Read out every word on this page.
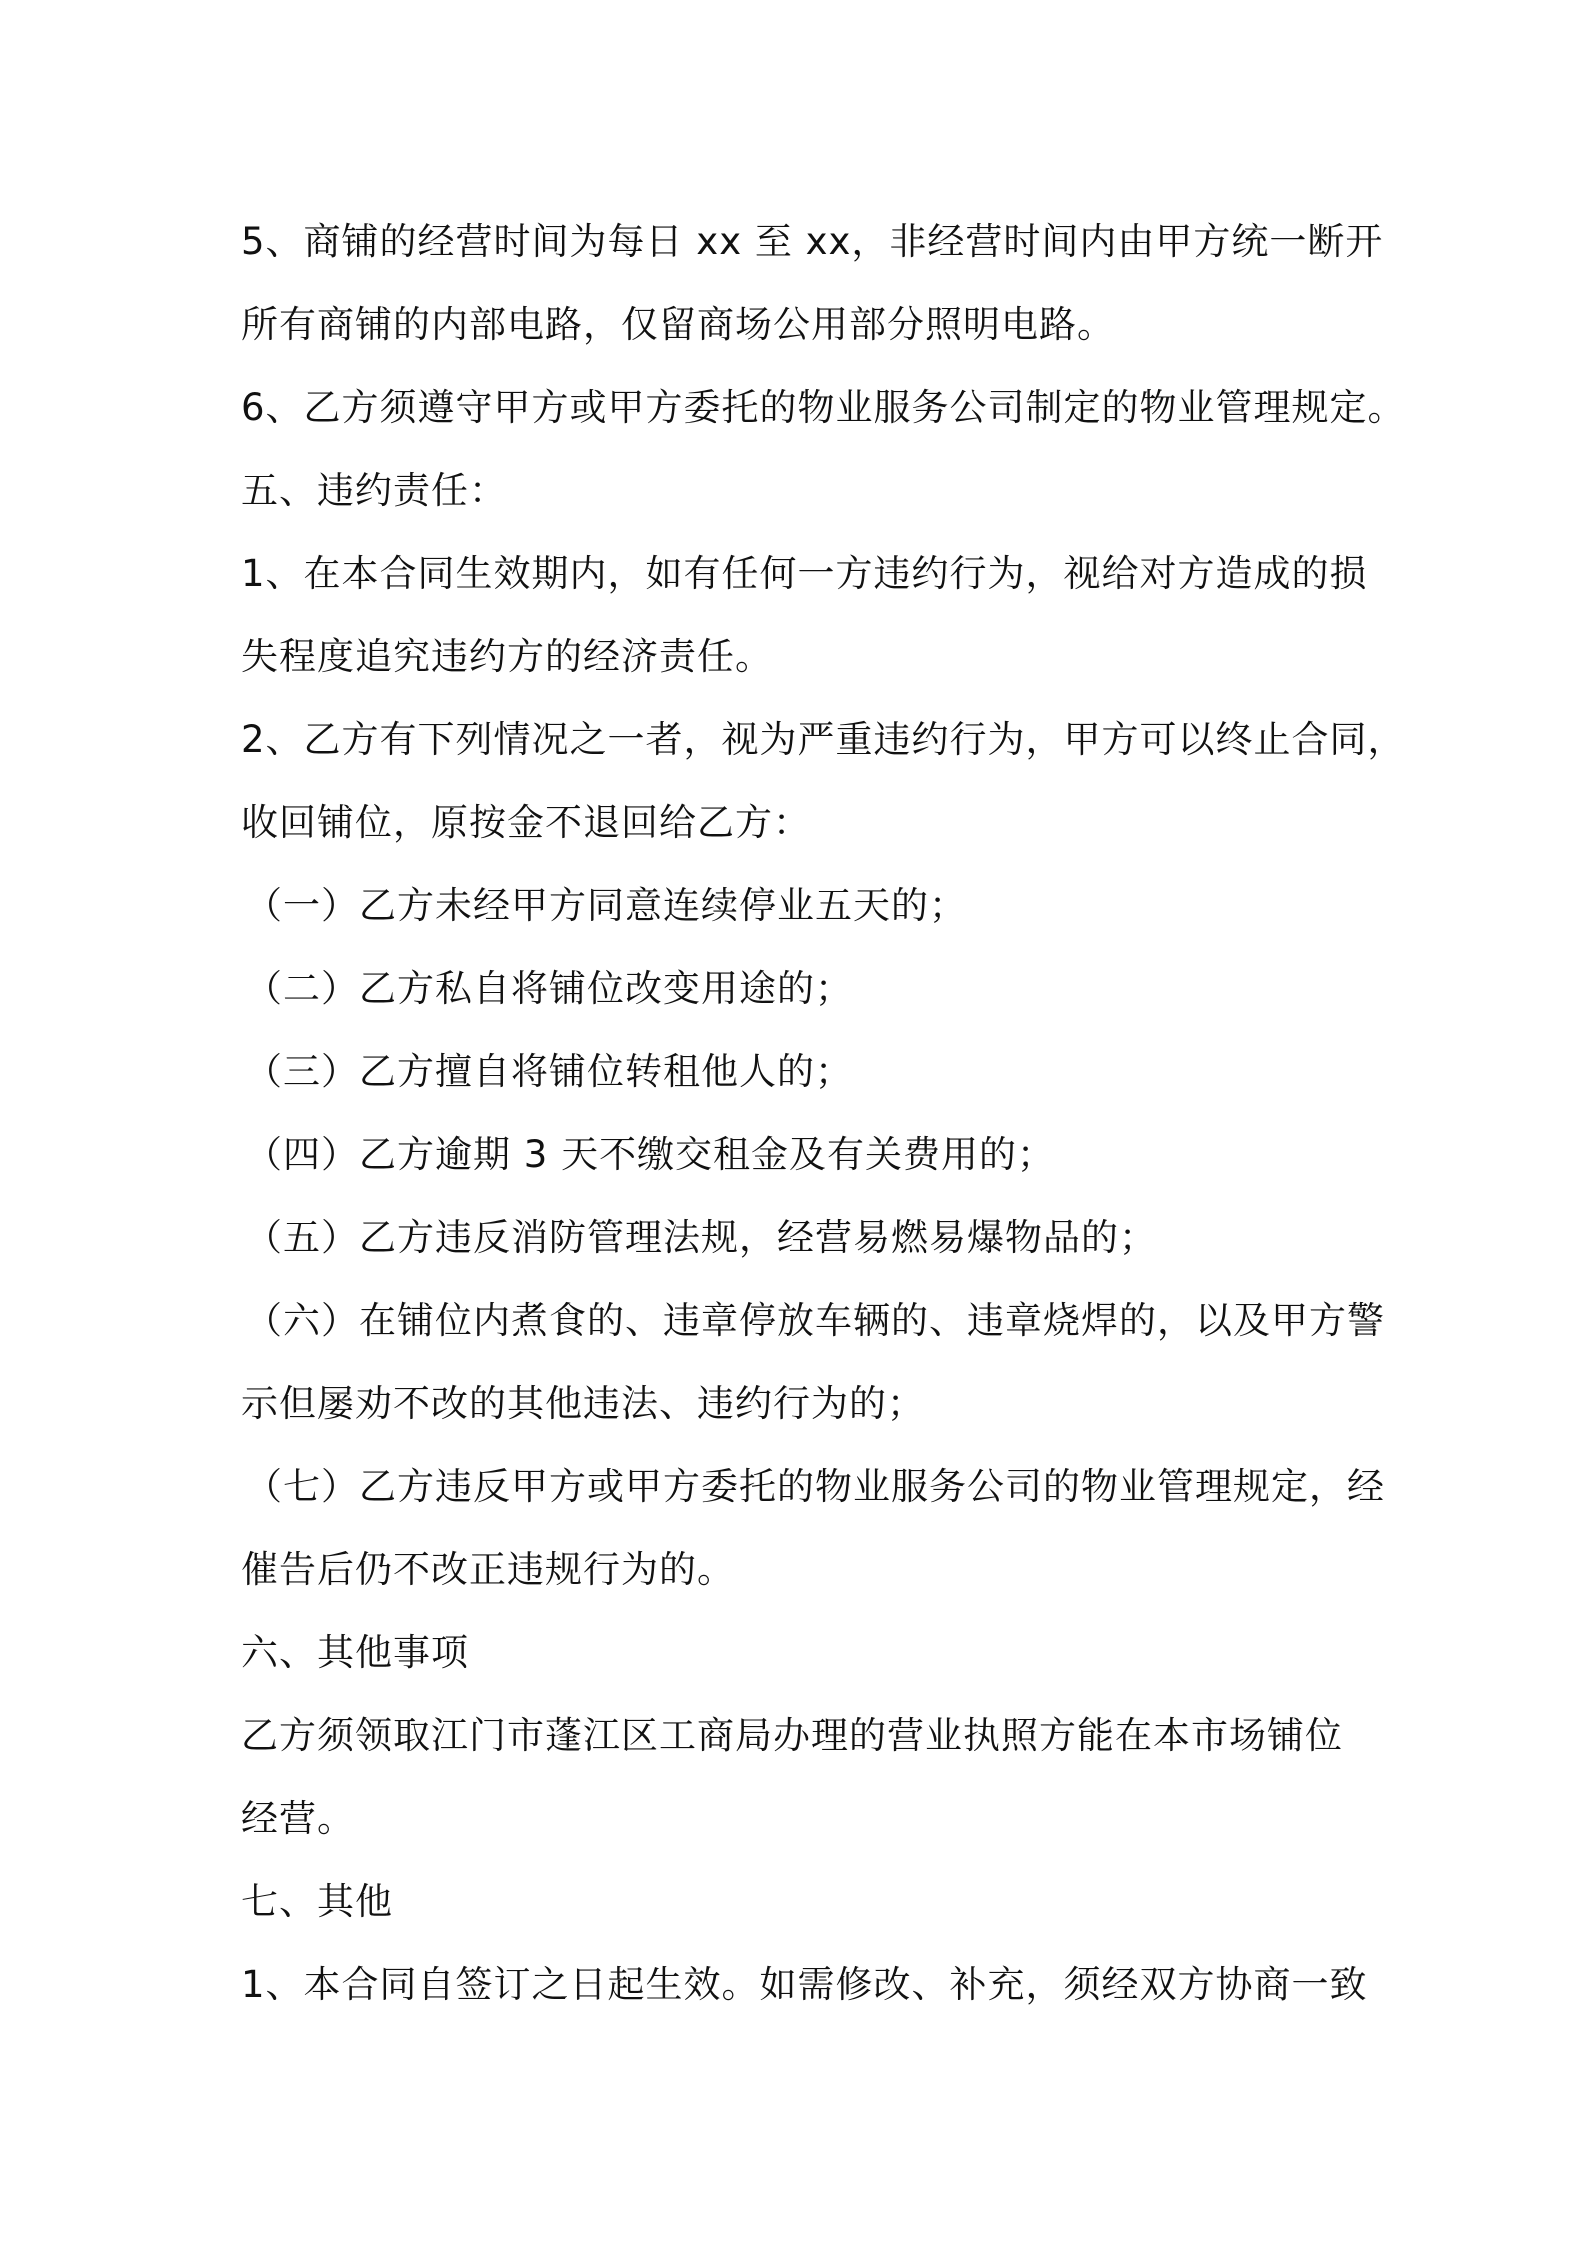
5、商铺的经营时间为每日 xx 至 xx，非经营时间内由甲方统一断开
所有商铺的内部电路，仅留商场公用部分照明电路。
6、乙方须遵守甲方或甲方委托的物业服务公司制定的物业管理规定。
五、违约责任：
1、在本合同生效期内，如有任何一方违约行为，视给对方造成的损
失程度追究违约方的经济责任。
2、乙方有下列情况之一者，视为严重违约行为，甲方可以终止合同，
收回铺位，原按金不退回给乙方：
（一）乙方未经甲方同意连续停业五天的；
（二）乙方私自将铺位改变用途的；
（三）乙方擅自将铺位转租他人的；
（四）乙方逾期 3 天不缴交租金及有关费用的；
（五）乙方违反消防管理法规，经营易燃易爆物品的；
（六）在铺位内煮食的、违章停放车辆的、违章烧焊的，以及甲方警
示但屡劝不改的其他违法、违约行为的；
（七）乙方违反甲方或甲方委托的物业服务公司的物业管理规定，经
催告后仍不改正违规行为的。
六、其他事项
乙方须领取江门市蓬江区工商局办理的营业执照方能在本市场铺位
经营。
七、其他
1、本合同自签订之日起生效。如需修改、补充，须经双方协商一致
